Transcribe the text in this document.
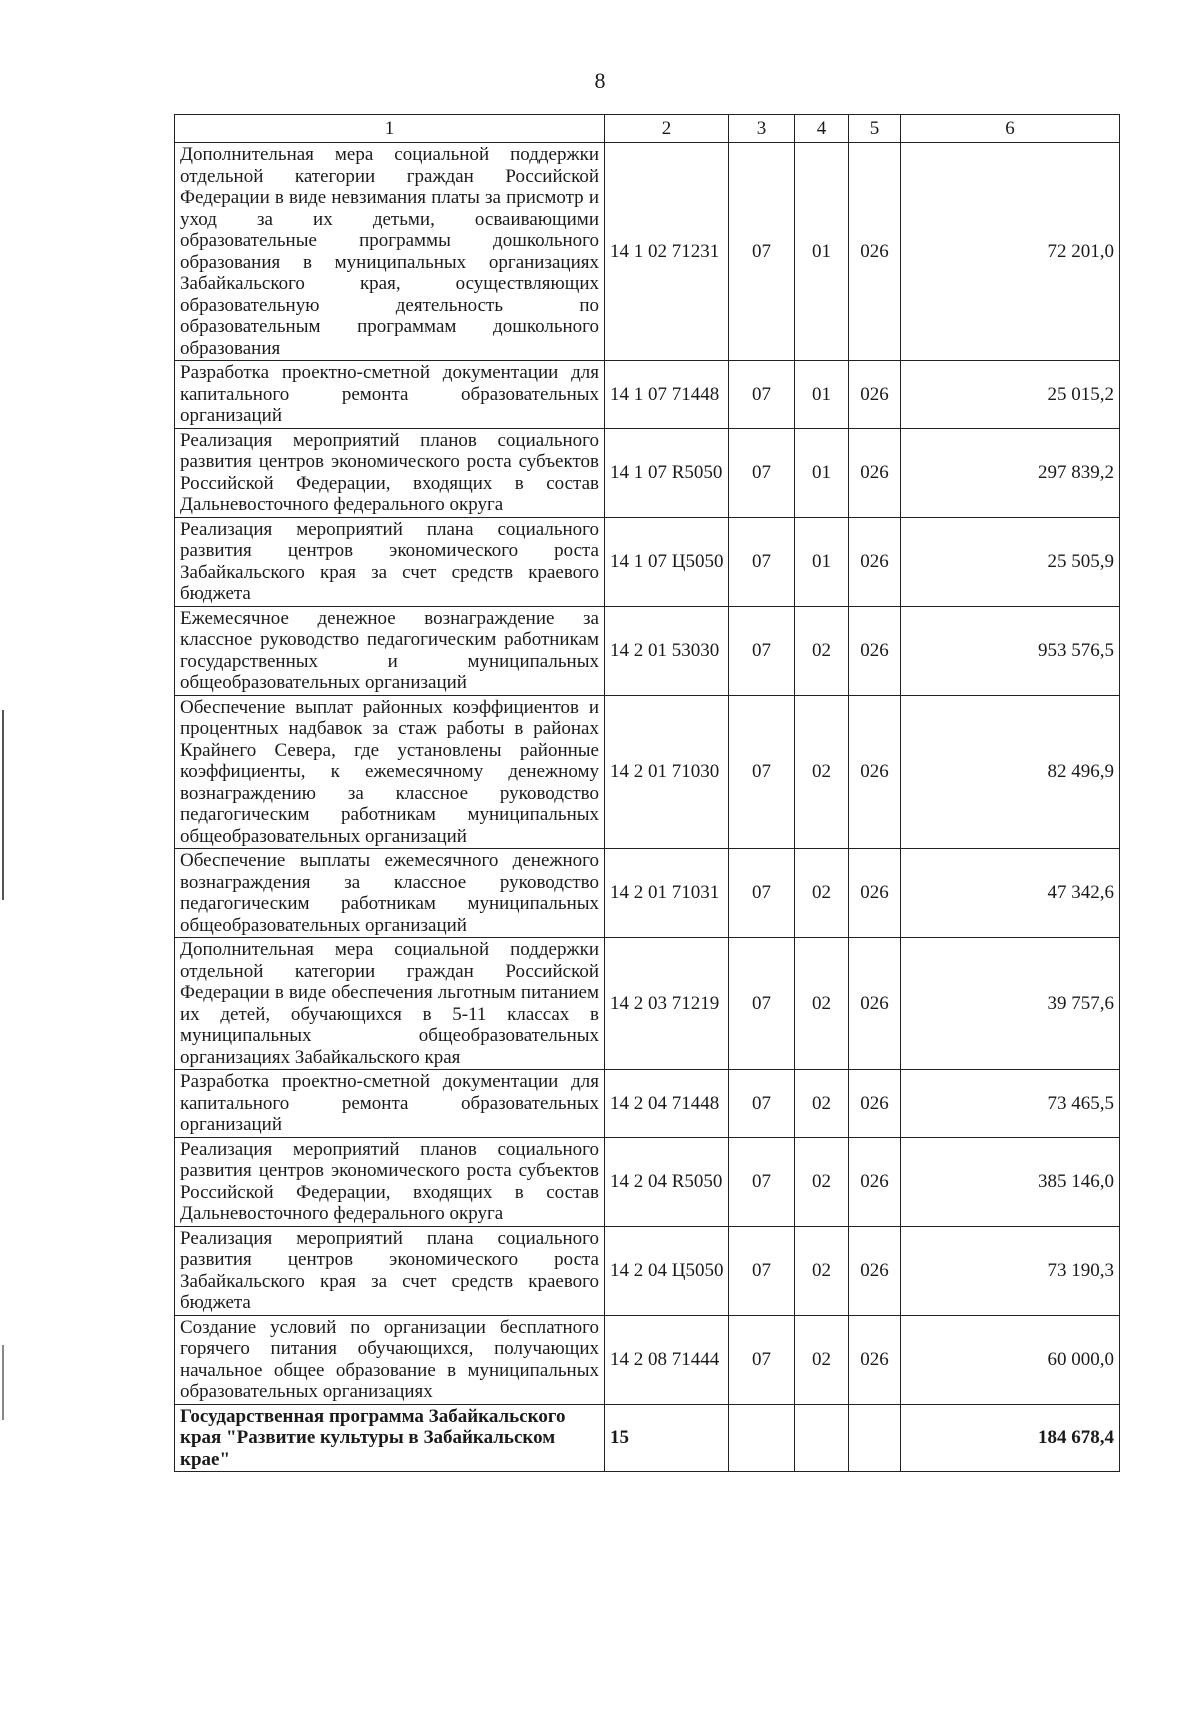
8
1	2	3	4	5	6
Дополнительная мера социальной поддержки отдельной категории граждан Российской Федерации в виде невзимания платы за присмотр и уход за их детьми, осваивающими образовательные программы дошкольного образования в муниципальных организациях Забайкальского края, осуществляющих образовательную деятельность по образовательным программам дошкольного образования	14 1 02 71231	07	01	026	72 201,0
Разработка проектно-сметной документации для капитального ремонта образовательных организаций	14 1 07 71448	07	01	026	25 015,2
Реализация мероприятий планов социального развития центров экономического роста субъектов Российской Федерации, входящих в состав Дальневосточного федерального округа	14 1 07 R5050	07	01	026	297 839,2
Реализация мероприятий плана социального развития центров экономического роста Забайкальского края за счет средств краевого бюджета	14 1 07 Ц5050	07	01	026	25 505,9
Ежемесячное денежное вознаграждение за классное руководство педагогическим работникам государственных и муниципальных общеобразовательных организаций	14 2 01 53030	07	02	026	953 576,5
Обеспечение выплат районных коэффициентов и процентных надбавок за стаж работы в районах Крайнего Севера, где установлены районные коэффициенты, к ежемесячному денежному вознаграждению за классное руководство педагогическим работникам муниципальных общеобразовательных организаций	14 2 01 71030	07	02	026	82 496,9
Обеспечение выплаты ежемесячного денежного вознаграждения за классное руководство педагогическим работникам муниципальных общеобразовательных организаций	14 2 01 71031	07	02	026	47 342,6
Дополнительная мера социальной поддержки отдельной категории граждан Российской Федерации в виде обеспечения льготным питанием их детей, обучающихся в 5-11 классах в муниципальных общеобразовательных организациях Забайкальского края	14 2 03 71219	07	02	026	39 757,6
Разработка проектно-сметной документации для капитального ремонта образовательных организаций	14 2 04 71448	07	02	026	73 465,5
Реализация мероприятий планов социального развития центров экономического роста субъектов Российской Федерации, входящих в состав Дальневосточного федерального округа	14 2 04 R5050	07	02	026	385 146,0
Реализация мероприятий плана социального развития центров экономического роста Забайкальского края за счет средств краевого бюджета	14 2 04 Ц5050	07	02	026	73 190,3
Создание условий по организации бесплатного горячего питания обучающихся, получающих начальное общее образование в муниципальных образовательных организациях	14 2 08 71444	07	02	026	60 000,0
Государственная программа Забайкальского края "Развитие культуры в Забайкальском крае"	15				184 678,4
